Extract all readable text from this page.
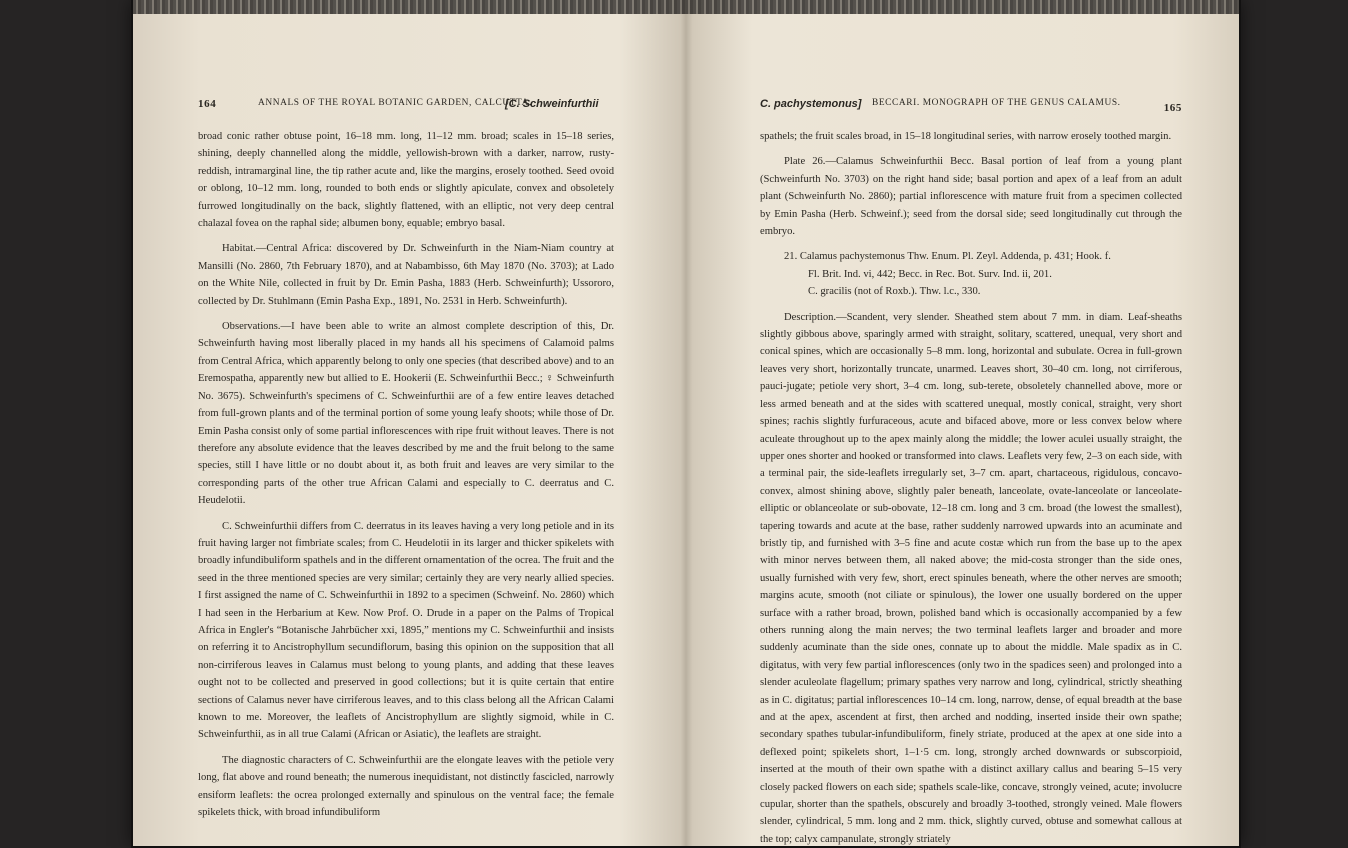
164	ANNALS OF THE ROYAL BOTANIC GARDEN, CALCUTTA.
[C. Schweinfurthii

broad conic rather obtuse point, 16–18 mm. long, 11–12 mm. broad; scales in 15–18 series, shining, deeply channelled along the middle, yellowish-brown with a darker, narrow, rusty-reddish, intramarginal line, the tip rather acute and, like the margins, erosely toothed. Seed ovoid or oblong, 10–12 mm. long, rounded to both ends or slightly apiculate, convex and obsoletely furrowed longitudinally on the back, slightly flattened, with an elliptic, not very deep central chalazal fovea on the raphal side; albumen bony, equable; embryo basal.

Habitat.—Central Africa: discovered by Dr. Schweinfurth in the Niam-Niam country at Mansilli (No. 2860, 7th February 1870), and at Nabambisso, 6th May 1870 (No. 3703); at Lado on the White Nile, collected in fruit by Dr. Emin Pasha, 1883 (Herb. Schweinfurth); Ussororo, collected by Dr. Stuhlmann (Emin Pasha Exp., 1891, No. 2531 in Herb. Schweinfurth).

Observations.—I have been able to write an almost complete description of this, Dr. Schweinfurth having most liberally placed in my hands all his specimens of Calamoid palms from Central Africa, which apparently belong to only one species (that described above) and to an Eremospatha, apparently new but allied to E. Hookerii (E. Schweinfurthii Becc.; ♀ Schweinfurth No. 3675). Schweinfurth's specimens of C. Schweinfurthii are of a few entire leaves detached from full-grown plants and of the terminal portion of some young leafy shoots; while those of Dr. Emin Pasha consist only of some partial inflorescences with ripe fruit without leaves. There is not therefore any absolute evidence that the leaves described by me and the fruit belong to the same species, still I have little or no doubt about it, as both fruit and leaves are very similar to the corresponding parts of the other true African Calami and especially to C. deerratus and C. Heudelotii.

C. Schweinfurthii differs from C. deerratus in its leaves having a very long petiole and in its fruit having larger not fimbriate scales; from C. Heudelotii in its larger and thicker spikelets with broadly infundibuliform spathels and in the different ornamentation of the ocrea. The fruit and the seed in the three mentioned species are very similar; certainly they are very nearly allied species. I first assigned the name of C. Schweinfurthii in 1892 to a specimen (Schweinf. No. 2860) which I had seen in the Herbarium at Kew. Now Prof. O. Drude in a paper on the Palms of Tropical Africa in Engler's “Botanische Jahrbücher xxi, 1895,” mentions my C. Schweinfurthii and insists on referring it to Ancistrophyllum secundiflorum, basing this opinion on the supposition that all non-cirriferous leaves in Calamus must belong to young plants, and adding that these leaves ought not to be collected and preserved in good collections; but it is quite certain that entire sections of Calamus never have cirriferous leaves, and to this class belong all the African Calami known to me. Moreover, the leaflets of Ancistrophyllum are slightly sigmoid, while in C. Schweinfurthii, as in all true Calami (African or Asiatic), the leaflets are straight.

The diagnostic characters of C. Schweinfurthii are the elongate leaves with the petiole very long, flat above and round beneath; the numerous inequidistant, not distinctly fascicled, narrowly ensiform leaflets: the ocrea prolonged externally and spinulous on the ventral face; the female spikelets thick, with broad infundibuliform

C. pachystemonus] BECCARI. MONOGRAPH OF THE GENUS CALAMUS.	165

spathels; the fruit scales broad, in 15–18 longitudinal series, with narrow erosely toothed margin.

Plate 26.—Calamus Schweinfurthii Becc. Basal portion of leaf from a young plant (Schweinfurth No. 3703) on the right hand side; basal portion and apex of a leaf from an adult plant (Schweinfurth No. 2860); partial inflorescence with mature fruit from a specimen collected by Emin Pasha (Herb. Schweinf.); seed from the dorsal side; seed longitudinally cut through the embryo.

21. Calamus pachystemonus Thw. Enum. Pl. Zeyl. Addenda, p. 431; Hook. f.
Fl. Brit. Ind. vi, 442; Becc. in Rec. Bot. Surv. Ind. ii, 201.
C. gracilis (not of Roxb.). Thw. l.c., 330.

Description.—Scandent, very slender. Sheathed stem about 7 mm. in diam. Leaf-sheaths slightly gibbous above, sparingly armed with straight, solitary, scattered, unequal, very short and conical spines, which are occasionally 5–8 mm. long, horizontal and subulate. Ocrea in full-grown leaves very short, horizontally truncate, unarmed. Leaves short, 30–40 cm. long, not cirriferous, pauci-jugate; petiole very short, 3–4 cm. long, sub-terete, obsoletely channelled above, more or less armed beneath and at the sides with scattered unequal, mostly conical, straight, very short spines; rachis slightly furfuraceous, acute and bifaced above, more or less convex below where aculeate throughout up to the apex mainly along the middle; the lower aculei usually straight, the upper ones shorter and hooked or transformed into claws. Leaflets very few, 2–3 on each side, with a terminal pair, the side-leaflets irregularly set, 3–7 cm. apart, chartaceous, rigidulous, concavo-convex, almost shining above, slightly paler beneath, lanceolate, ovate-lanceolate or lanceolate-elliptic or oblanceolate or sub-obovate, 12–18 cm. long and 3 cm. broad (the lowest the smallest), tapering towards and acute at the base, rather suddenly narrowed upwards into an acuminate and bristly tip, and furnished with 3–5 fine and acute costæ which run from the base up to the apex with minor nerves between them, all naked above; the mid-costa stronger than the side ones, usually furnished with very few, short, erect spinules beneath, where the other nerves are smooth; margins acute, smooth (not ciliate or spinulous), the lower one usually bordered on the upper surface with a rather broad, brown, polished band which is occasionally accompanied by a few others running along the main nerves; the two terminal leaflets larger and broader and more suddenly acuminate than the side ones, connate up to about the middle. Male spadix as in C. digitatus, with very few partial inflorescences (only two in the spadices seen) and prolonged into a slender aculeolate flagellum; primary spathes very narrow and long, cylindrical, strictly sheathing as in C. digitatus; partial inflorescences 10–14 cm. long, narrow, dense, of equal breadth at the base and at the apex, ascendent at first, then arched and nodding, inserted inside their own spathe; secondary spathes tubular-infundibuliform, finely striate, produced at the apex at one side into a deflexed point; spikelets short, 1–1·5 cm. long, strongly arched downwards or subscorpioid, inserted at the mouth of their own spathe with a distinct axillary callus and bearing 5–15 very closely packed flowers on each side; spathels scale-like, concave, strongly veined, acute; involucre cupular, shorter than the spathels, obscurely and broadly 3-toothed, strongly veined. Male flowers slender, cylindrical, 5 mm. long and 2 mm. thick, slightly curved, obtuse and somewhat callous at the top; calyx campanulate, strongly striately
